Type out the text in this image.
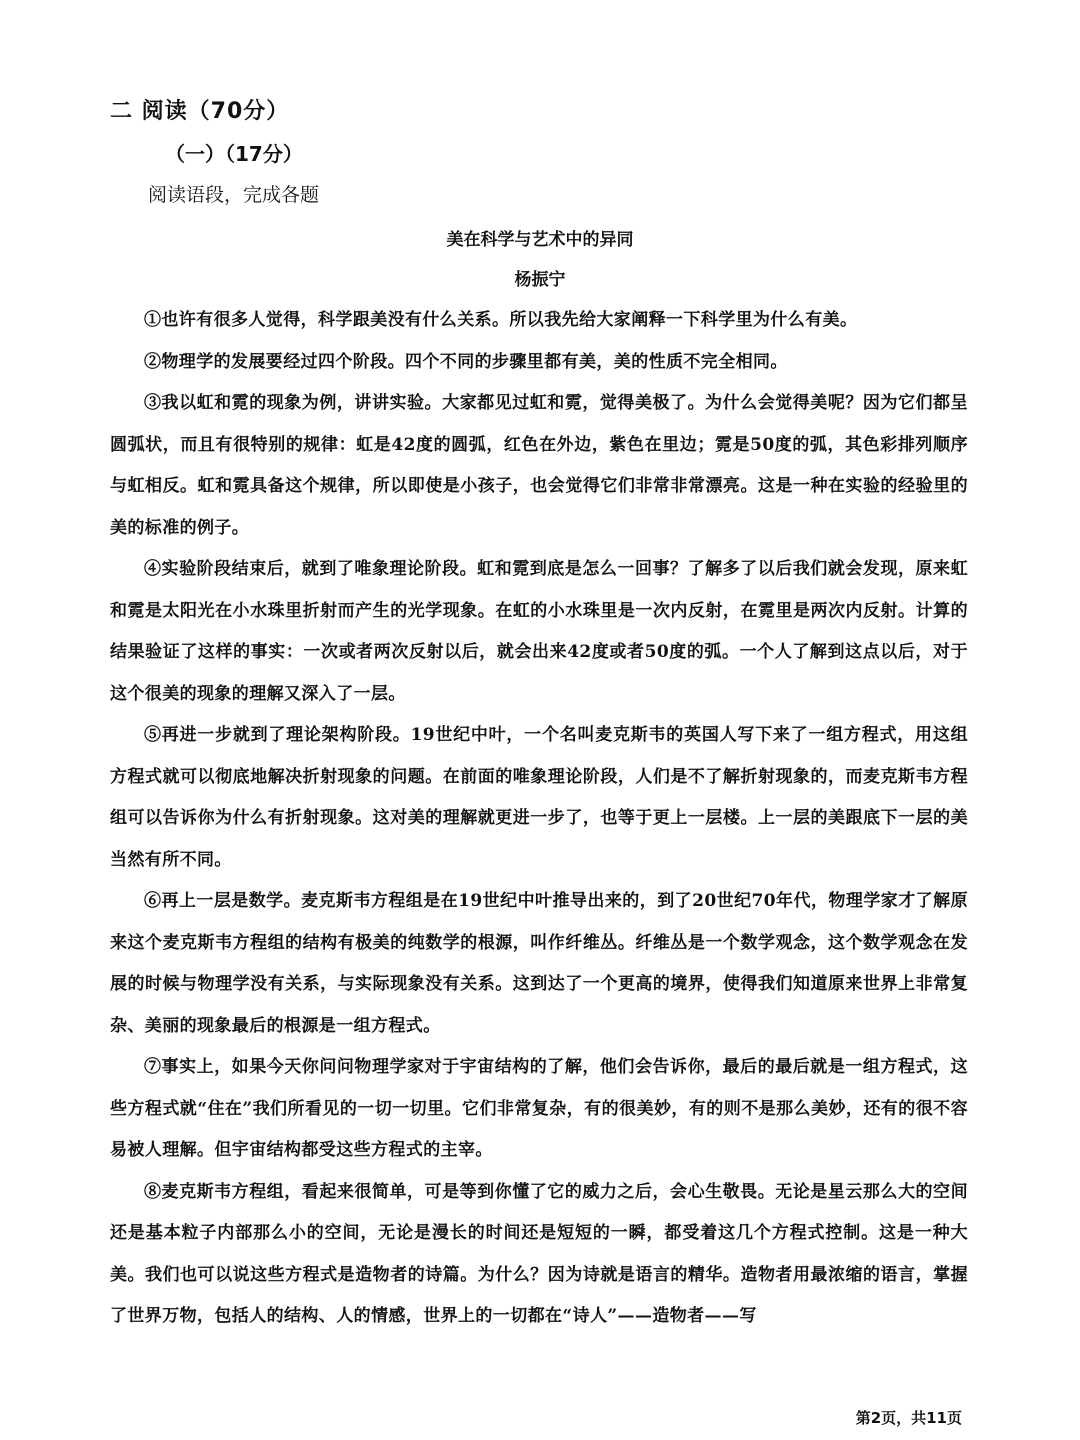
二 阅读（70分）
（一）（17分）
阅读语段，完成各题
美在科学与艺术中的异同
杨振宁

①也许有很多人觉得，科学跟美没有什么关系。所以我先给大家阐释一下科学里为什么有美。

②物理学的发展要经过四个阶段。四个不同的步骤里都有美，美的性质不完全相同。

③我以虹和霓的现象为例，讲讲实验。大家都见过虹和霓，觉得美极了。为什么会觉得美呢？因为它们都呈圆弧状，而且有很特别的规律：虹是42度的圆弧，红色在外边，紫色在里边；霓是50度的弧，其色彩排列顺序与虹相反。虹和霓具备这个规律，所以即使是小孩子，也会觉得它们非常非常漂亮。这是一种在实验的经验里的美的标准的例子。

④实验阶段结束后，就到了唯象理论阶段。虹和霓到底是怎么一回事？了解多了以后我们就会发现，原来虹和霓是太阳光在小水珠里折射而产生的光学现象。在虹的小水珠里是一次内反射，在霓里是两次内反射。计算的结果验证了这样的事实：一次或者两次反射以后，就会出来42度或者50度的弧。一个人了解到这点以后，对于这个很美的现象的理解又深入了一层。

⑤再进一步就到了理论架构阶段。19世纪中叶，一个名叫麦克斯韦的英国人写下来了一组方程式，用这组方程式就可以彻底地解决折射现象的问题。在前面的唯象理论阶段，人们是不了解折射现象的，而麦克斯韦方程组可以告诉你为什么有折射现象。这对美的理解就更进一步了，也等于更上一层楼。上一层的美跟底下一层的美当然有所不同。

⑥再上一层是数学。麦克斯韦方程组是在19世纪中叶推导出来的，到了20世纪70年代，物理学家才了解原来这个麦克斯韦方程组的结构有极美的纯数学的根源，叫作纤维丛。纤维丛是一个数学观念，这个数学观念在发展的时候与物理学没有关系，与实际现象没有关系。这到达了一个更高的境界，使得我们知道原来世界上非常复杂、美丽的现象最后的根源是一组方程式。

⑦事实上，如果今天你问问物理学家对于宇宙结构的了解，他们会告诉你，最后的最后就是一组方程式，这些方程式就“住在”我们所看见的一切一切里。它们非常复杂，有的很美妙，有的则不是那么美妙，还有的很不容易被人理解。但宇宙结构都受这些方程式的主宰。

⑧麦克斯韦方程组，看起来很简单，可是等到你懂了它的威力之后，会心生敬畏。无论是星云那么大的空间还是基本粒子内部那么小的空间，无论是漫长的时间还是短短的一瞬，都受着这几个方程式控制。这是一种大美。我们也可以说这些方程式是造物者的诗篇。为什么？因为诗就是语言的精华。造物者用最浓缩的语言，掌握了世界万物，包括人的结构、人的情感，世界上的一切都在“诗人”——造物者——写

第2页，共11页
